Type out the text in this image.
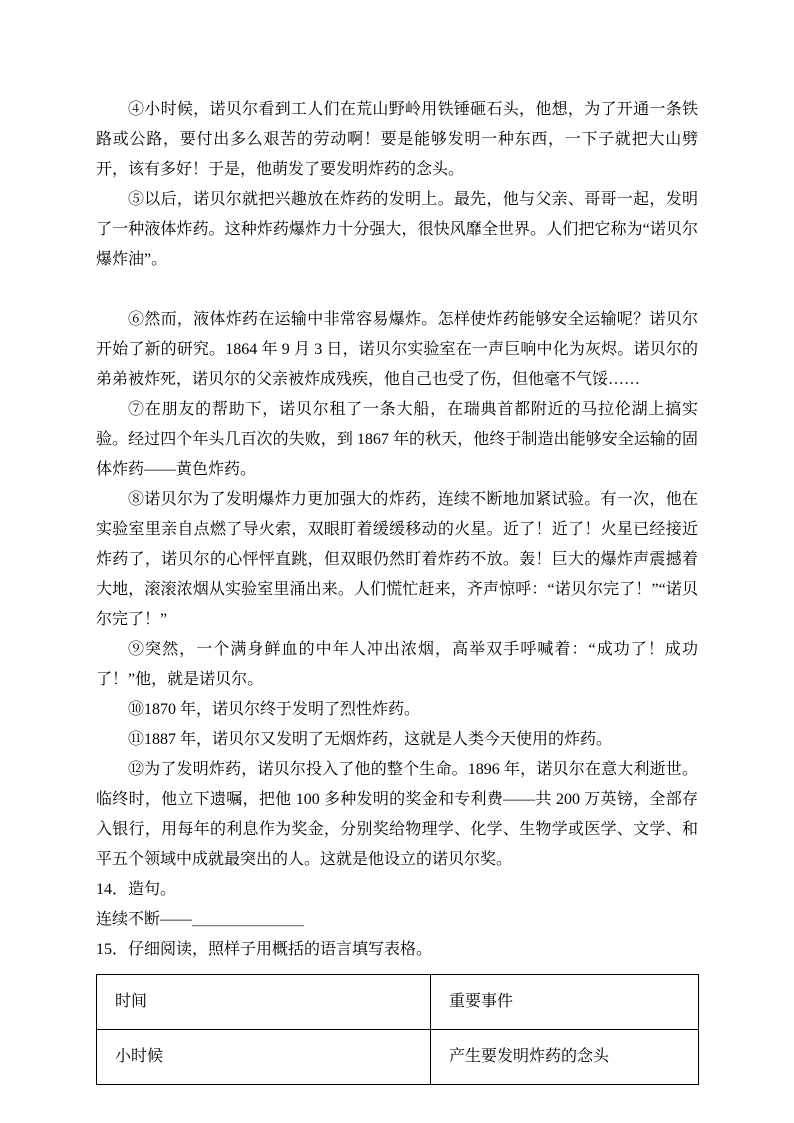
④小时候，诺贝尔看到工人们在荒山野岭用铁锤砸石头，他想，为了开通一条铁路或公路，要付出多么艰苦的劳动啊！要是能够发明一种东西，一下子就把大山劈开，该有多好！于是，他萌发了要发明炸药的念头。

⑤以后，诺贝尔就把兴趣放在炸药的发明上。最先，他与父亲、哥哥一起，发明了一种液体炸药。这种炸药爆炸力十分强大，很快风靡全世界。人们把它称为“诺贝尔爆炸油”。

⑥然而，液体炸药在运输中非常容易爆炸。怎样使炸药能够安全运输呢？诺贝尔开始了新的研究。1864 年 9 月 3 日，诺贝尔实验室在一声巨响中化为灰烬。诺贝尔的弟弟被炸死，诺贝尔的父亲被炸成残疾，他自己也受了伤，但他毫不气馁……

⑦在朋友的帮助下，诺贝尔租了一条大船，在瑞典首都附近的马拉伦湖上搞实验。经过四个年头几百次的失败，到 1867 年的秋天，他终于制造出能够安全运输的固体炸药——黄色炸药。

⑧诺贝尔为了发明爆炸力更加强大的炸药，连续不断地加紧试验。有一次，他在实验室里亲自点燃了导火索，双眼盯着缓缓移动的火星。近了！近了！火星已经接近炸药了，诺贝尔的心怦怦直跳，但双眼仍然盯着炸药不放。轰！巨大的爆炸声震撼着大地，滚滚浓烟从实验室里涌出来。人们慌忙赶来，齐声惊呼：“诺贝尔完了！”“诺贝尔完了！”

⑨突然，一个满身鲜血的中年人冲出浓烟，高举双手呼喊着：“成功了！成功了！”他，就是诺贝尔。

⑩1870 年，诺贝尔终于发明了烈性炸药。

⑪1887 年，诺贝尔又发明了无烟炸药，这就是人类今天使用的炸药。

⑫为了发明炸药，诺贝尔投入了他的整个生命。1896 年，诺贝尔在意大利逝世。临终时，他立下遗嘱，把他 100 多种发明的奖金和专利费——共 200 万英镑，全部存入银行，用每年的利息作为奖金，分别奖给物理学、化学、生物学或医学、文学、和平五个领域中成就最突出的人。这就是他设立的诺贝尔奖。

14．造句。

连续不断——＿＿＿＿＿＿＿

15．仔细阅读，照样子用概括的语言填写表格。

时间	重要事件
小时候	产生要发明炸药的念头
